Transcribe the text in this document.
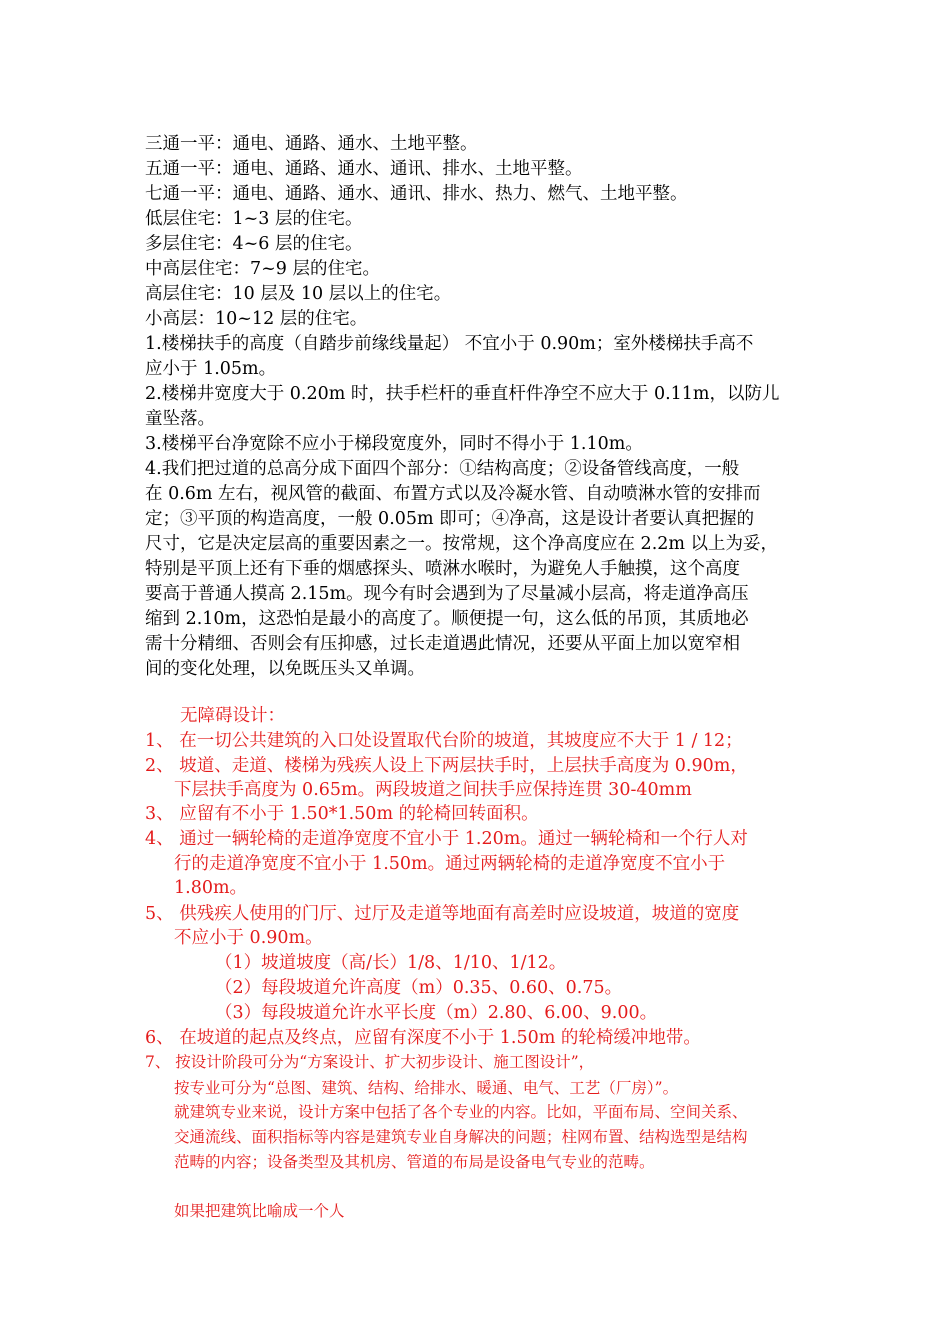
三通一平：通电、通路、通水、土地平整。
五通一平：通电、通路、通水、通讯、排水、土地平整。
七通一平：通电、通路、通水、通讯、排水、热力、燃气、土地平整。
低层住宅：1~3 层的住宅。
多层住宅：4~6 层的住宅。
中高层住宅：7~9 层的住宅。
高层住宅：10 层及 10 层以上的住宅。
小高层：10~12 层的住宅。
1.楼梯扶手的高度（自踏步前缘线量起） 不宜小于 0.90m；室外楼梯扶手高不
应小于 1.05m。
2.楼梯井宽度大于 0.20m 时，扶手栏杆的垂直杆件净空不应大于 0.11m，以防儿
童坠落。
3.楼梯平台净宽除不应小于梯段宽度外，同时不得小于 1.10m。
4.我们把过道的总高分成下面四个部分：①结构高度；②设备管线高度，一般
在 0.6m 左右，视风管的截面、布置方式以及冷凝水管、自动喷淋水管的安排而
定；③平顶的构造高度，一般 0.05m 即可；④净高，这是设计者要认真把握的
尺寸，它是决定层高的重要因素之一。按常规，这个净高度应在 2.2m 以上为妥，
特别是平顶上还有下垂的烟感探头、喷淋水喉时，为避免人手触摸，这个高度
要高于普通人摸高 2.15m。现今有时会遇到为了尽量减小层高，将走道净高压
缩到 2.10m，这恐怕是最小的高度了。顺便提一句，这么低的吊顶，其质地必
需十分精细、否则会有压抑感，过长走道遇此情况，还要从平面上加以宽窄相
间的变化处理，以免既压头又单调。
无障碍设计：
1、 在一切公共建筑的入口处设置取代台阶的坡道，其坡度应不大于 1 / 12；
2、 坡道、走道、楼梯为残疾人设上下两层扶手时，上层扶手高度为 0.90m，
下层扶手高度为 0.65m。两段坡道之间扶手应保持连贯 30-40mm
3、 应留有不小于 1.50*1.50m 的轮椅回转面积。
4、 通过一辆轮椅的走道净宽度不宜小于 1.20m。通过一辆轮椅和一个行人对
行的走道净宽度不宜小于 1.50m。通过两辆轮椅的走道净宽度不宜小于
1.80m。
5、 供残疾人使用的门厅、过厅及走道等地面有高差时应设坡道，坡道的宽度
不应小于 0.90m。
（1）坡道坡度（高/长）1/8、1/10、1/12。
（2）每段坡道允许高度（m）0.35、0.60、0.75。
（3）每段坡道允许水平长度（m）2.80、6.00、9.00。
6、 在坡道的起点及终点，应留有深度不小于 1.50m 的轮椅缓冲地带。
7、 按设计阶段可分为“方案设计、扩大初步设计、施工图设计”，
按专业可分为“总图、建筑、结构、给排水、暖通、电气、工艺（厂房）”。
就建筑专业来说，设计方案中包括了各个专业的内容。比如，平面布局、空间关系、
交通流线、面积指标等内容是建筑专业自身解决的问题；柱网布置、结构选型是结构
范畴的内容；设备类型及其机房、管道的布局是设备电气专业的范畴。
如果把建筑比喻成一个人
